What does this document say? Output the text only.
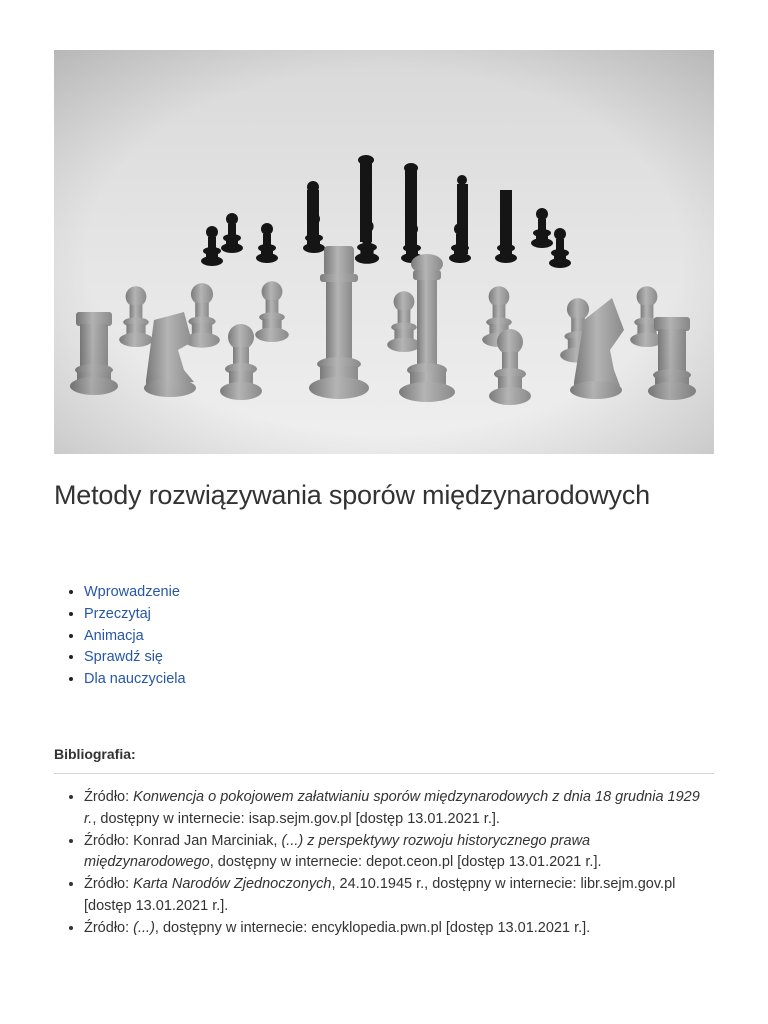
Metody rozwiązywania sporów międzynarodowych
• Wprowadzenie
• Przeczytaj
• Animacja
• Sprawdź się
• Dla nauczyciela
Bibliografia:
• Źródło: Konwencja o pokojowem załatwianiu sporów międzynarodowych z dnia 18 grudnia 1929 r., dostępny w internecie: isap.sejm.gov.pl [dostęp 13.01.2021 r.].
• Źródło: Konrad Jan Marciniak, (...) z perspektywy rozwoju historycznego prawa międzynarodowego, dostępny w internecie: depot.ceon.pl [dostęp 13.01.2021 r.].
• Źródło: Karta Narodów Zjednoczonych, 24.10.1945 r., dostępny w internecie: libr.sejm.gov.pl [dostęp 13.01.2021 r.].
• Źródło: (...), dostępny w internecie: encyklopedia.pwn.pl [dostęp 13.01.2021 r.].
